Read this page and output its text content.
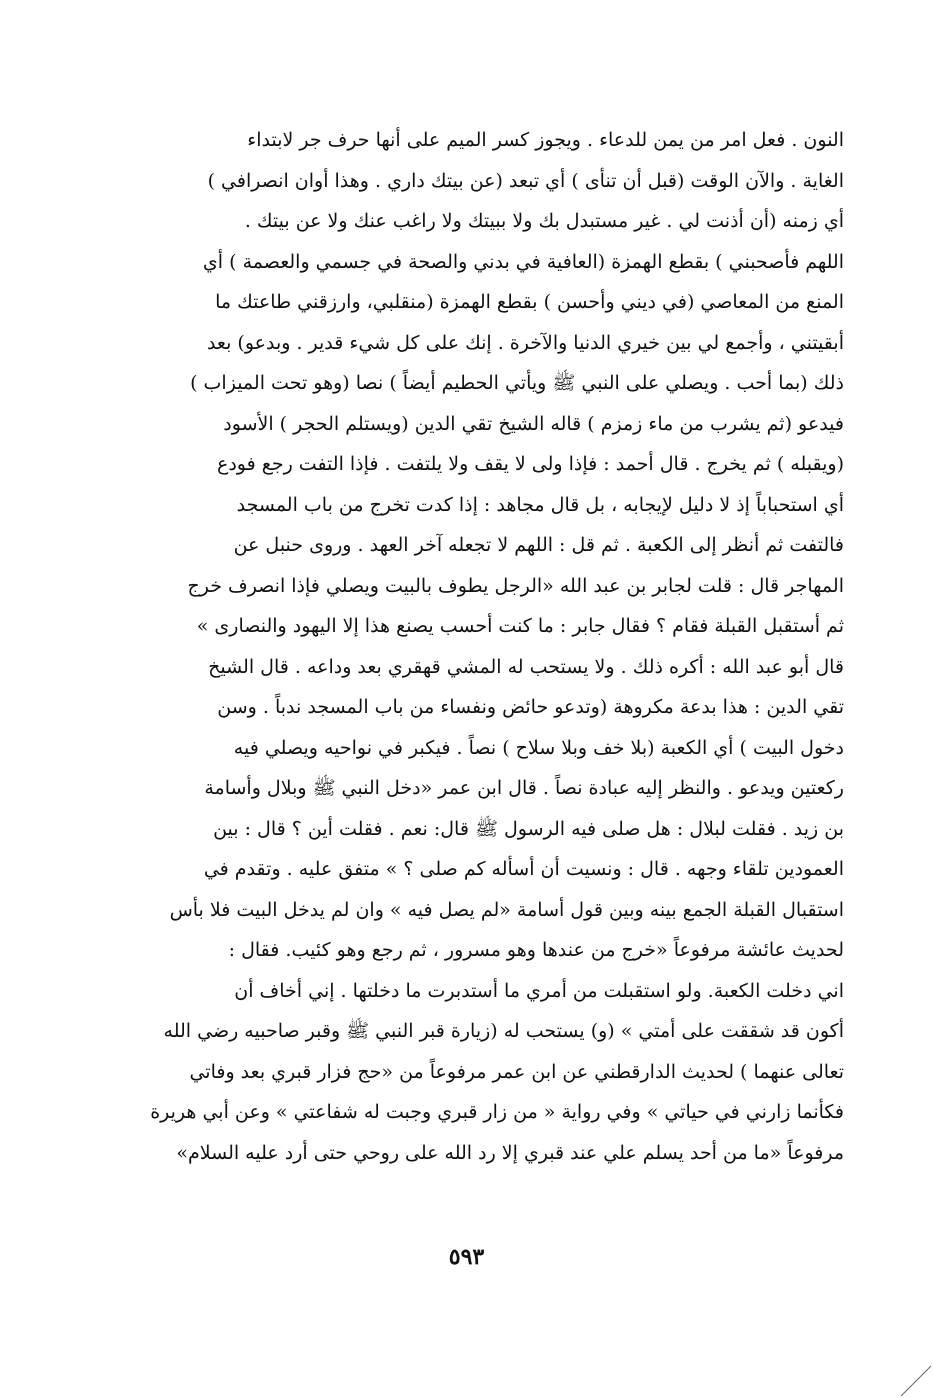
النون . فعل امر من يمن للدعاء . ويجوز كسر الميم على أنها حرف جر لابتداء
الغاية . والآن الوقت (قبل أن تنأى ) أي تبعد (عن بيتك داري . وهذا أوان انصرافي )
أي زمنه (أن أذنت لي . غير مستبدل بك ولا ببيتك ولا راغب عنك ولا عن بيتك .
اللهم فأصحبني ) بقطع الهمزة (العافية في بدني والصحة في جسمي والعصمة ) أي
المنع من المعاصي (في ديني وأحسن ) بقطع الهمزة (منقلبي، وارزقني طاعتك ما
أبقيتني ، وأجمع لي بين خيري الدنيا والآخرة . إنك على كل شيء قدير . وبدعو) بعد
ذلك (بما أحب . ويصلي على النبي ﷺ ويأتي الحطيم أيضاً ) نصا (وهو تحت الميزاب )
فيدعو (ثم يشرب من ماء زمزم ) قاله الشيخ تقي الدين (ويستلم الحجر ) الأسود
(ويقبله ) ثم يخرج . قال أحمد : فإذا ولى لا يقف ولا يلتفت . فإذا التفت رجع فودع
أي استحباباً إذ لا دليل لإيجابه ، بل قال مجاهد : إذا كدت تخرج من باب المسجد
فالتفت ثم أنظر إلى الكعبة . ثم قل : اللهم لا تجعله آخر العهد . وروى حنبل عن
المهاجر قال : قلت لجابر بن عبد الله «الرجل يطوف بالبيت ويصلي فإذا انصرف خرج
ثم أستقبل القبلة فقام ؟ فقال جابر : ما كنت أحسب يصنع هذا إلا اليهود والنصارى »
قال أبو عبد الله : أكره ذلك . ولا يستحب له المشي قهقري بعد وداعه . قال الشيخ
تقي الدين : هذا بدعة مكروهة (وتدعو حائض ونفساء من باب المسجد ندباً . وسن
دخول البيت ) أي الكعبة (بلا خف وبلا سلاح ) نصاً . فيكبر في نواحيه ويصلي فيه
ركعتين ويدعو . والنظر إليه عبادة نصاً . قال ابن عمر «دخل النبي ﷺ وبلال وأسامة
بن زيد . فقلت لبلال : هل صلى فيه الرسول ﷺ قال: نعم . فقلت أين ؟ قال : بين
العمودين تلقاء وجهه . قال : ونسيت أن أسأله كم صلى ؟ » متفق عليه . وتقدم في
استقبال القبلة الجمع بينه وبين قول أسامة «لم يصل فيه » وان لم يدخل البيت فلا بأس
لحديث عائشة مرفوعاً «خرج من عندها وهو مسرور ، ثم رجع وهو كئيب. فقال :
اني دخلت الكعبة. ولو استقبلت من أمري ما أستدبرت ما دخلتها . إني أخاف أن
أكون قد شققت على أمتي » (و) يستحب له (زيارة قبر النبي ﷺ وقبر صاحبيه رضي الله
تعالى عنهما ) لحديث الدارقطني عن ابن عمر مرفوعاً من «حج فزار قبري بعد وفاتي
فكأنما زارني في حياتي » وفي رواية « من زار قبري وجبت له شفاعتي » وعن أبي هريرة
مرفوعاً «ما من أحد يسلم علي عند قبري إلا رد الله على روحي حتى أرد عليه السلام»
٥٩٣
